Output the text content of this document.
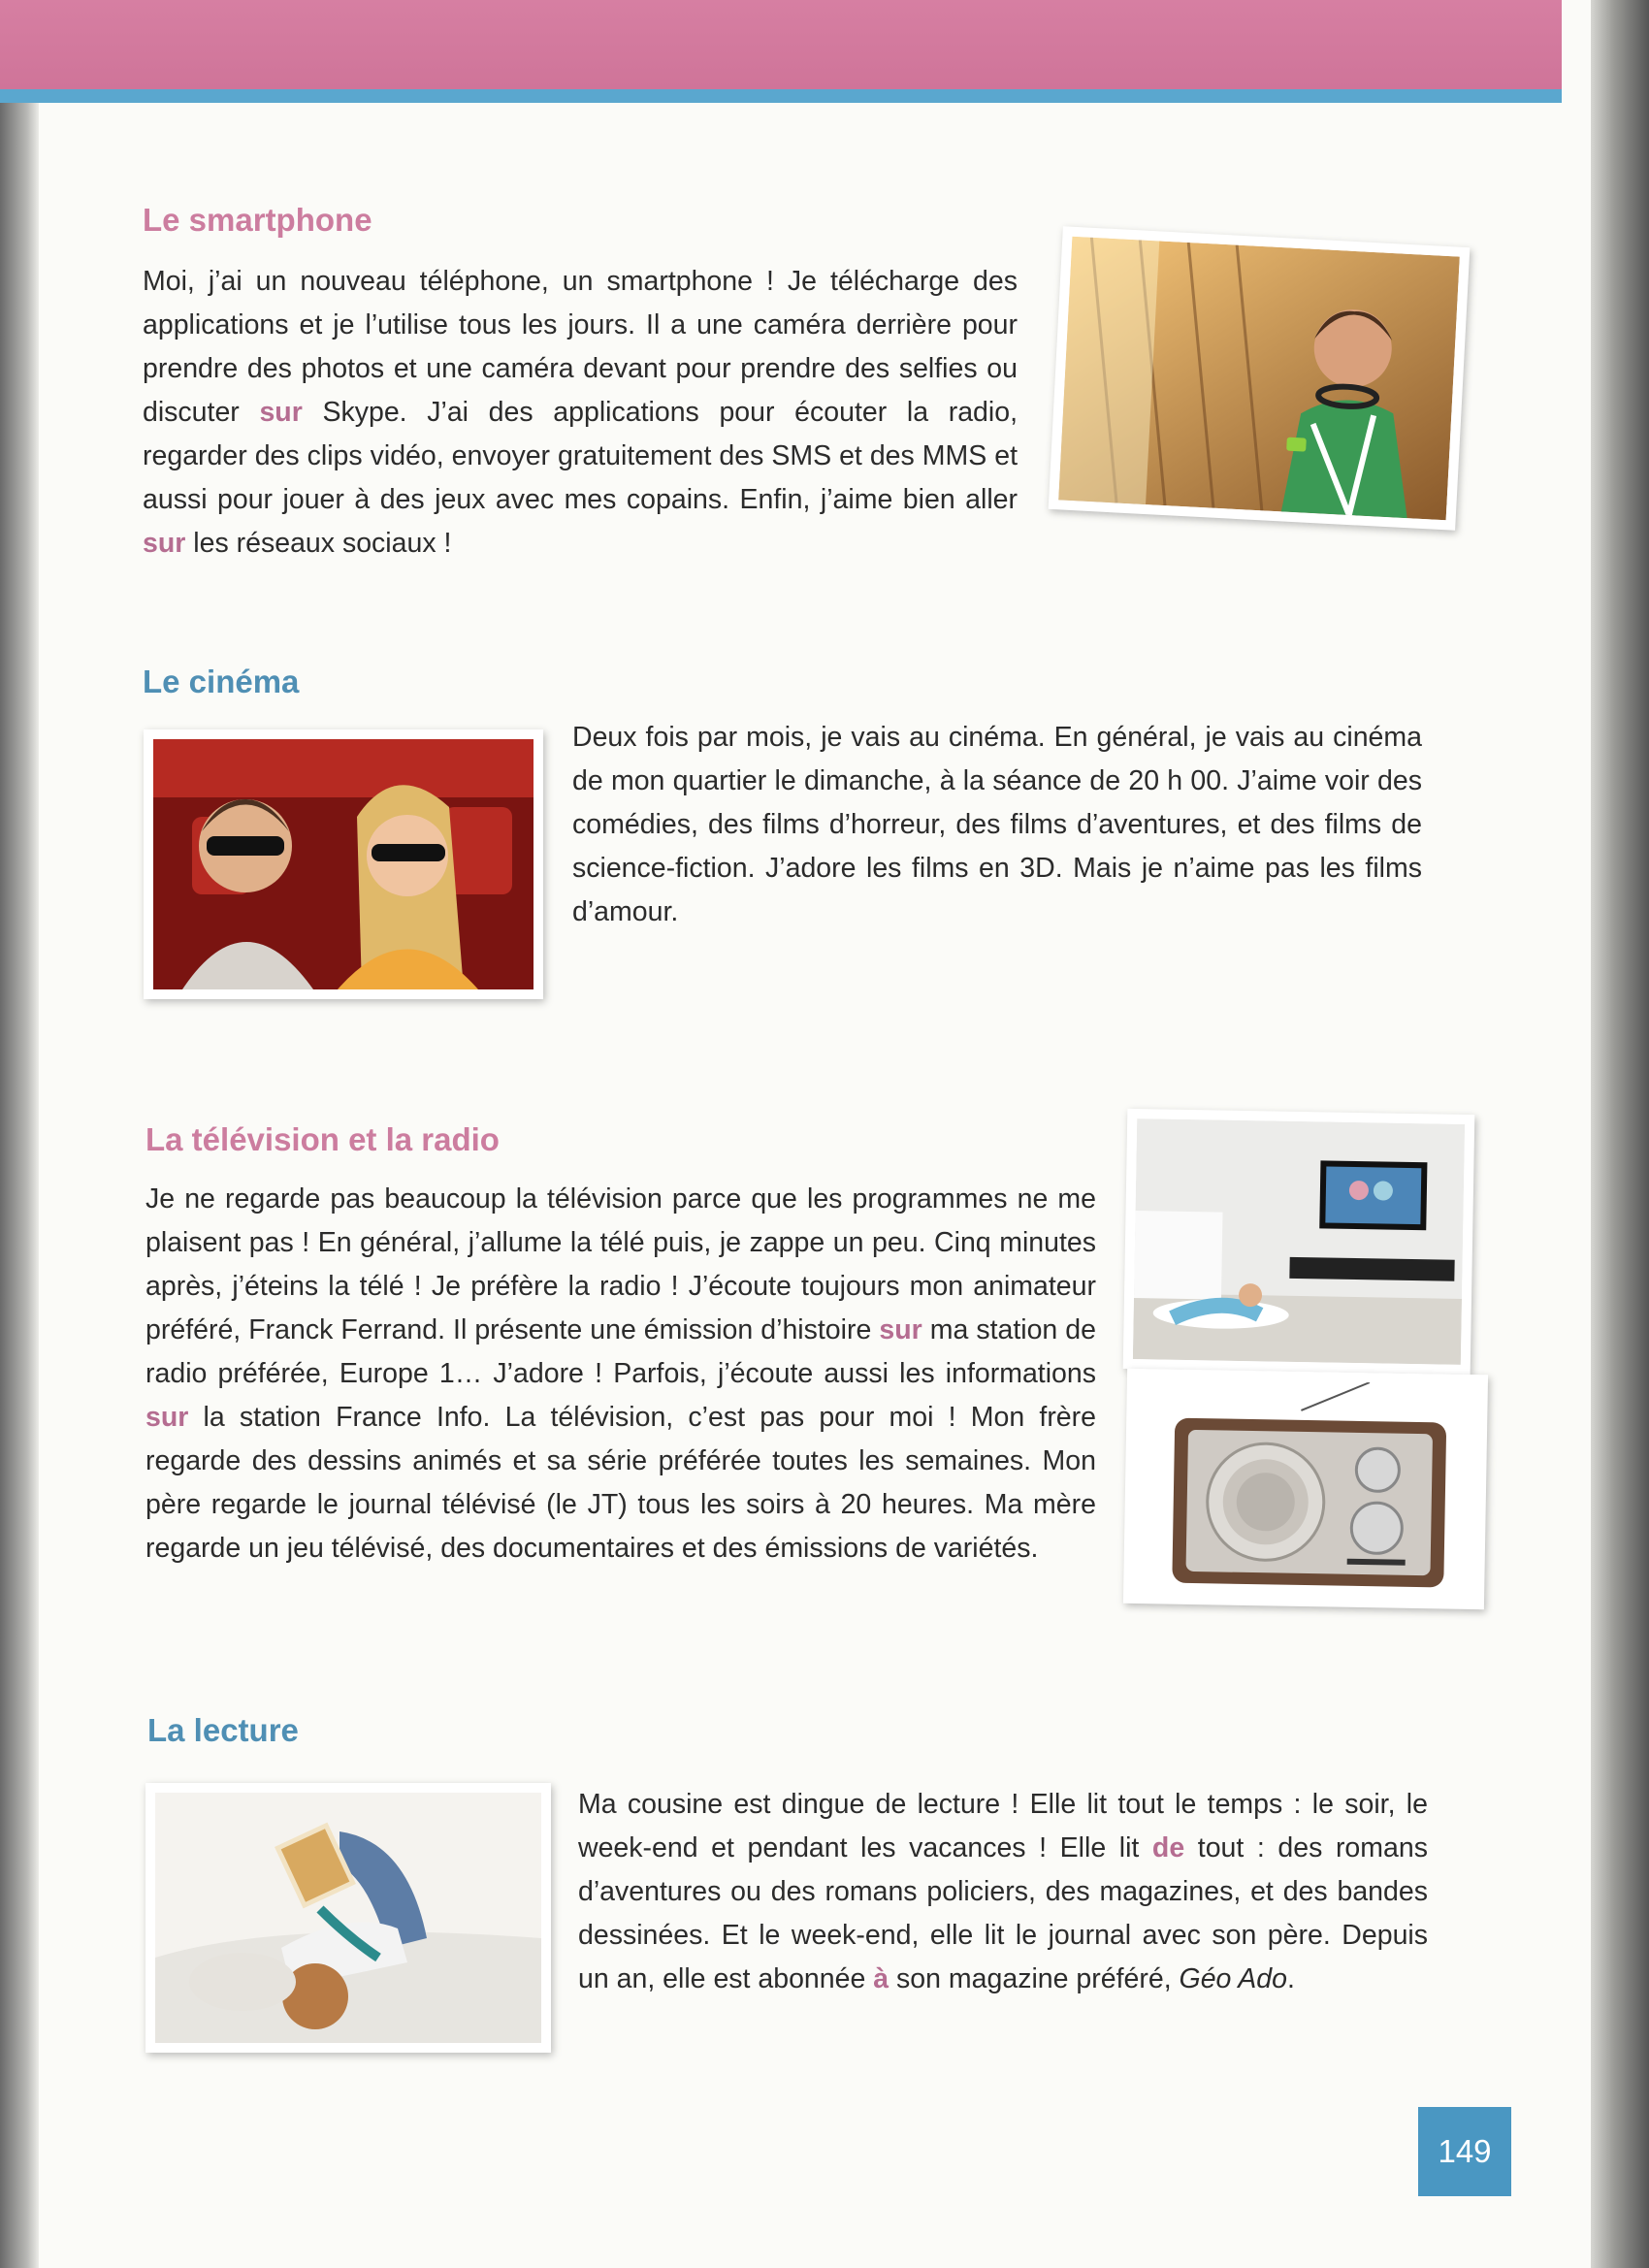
Le smartphone

Moi, j’ai un nouveau téléphone, un smartphone ! Je télécharge des applications et je l’utilise tous les jours. Il a une caméra derrière pour prendre des photos et une caméra devant pour prendre des selfies ou discuter sur Skype. J’ai des applications pour écouter la radio, regarder des clips vidéo, envoyer gratuitement des SMS et des MMS et aussi pour jouer à des jeux avec mes copains. Enfin, j’aime bien aller sur les réseaux sociaux !

Le cinéma

Deux fois par mois, je vais au cinéma. En général, je vais au cinéma de mon quartier le dimanche, à la séance de 20 h 00. J’aime voir des comédies, des films d’horreur, des films d’aventures, et des films de science-fiction. J’adore les films en 3D. Mais je n’aime pas les films d’amour.

La télévision et la radio

Je ne regarde pas beaucoup la télévision parce que les programmes ne me plaisent pas ! En général, j’allume la télé puis, je zappe un peu. Cinq minutes après, j’éteins la télé ! Je préfère la radio ! J’écoute toujours mon animateur préféré, Franck Ferrand. Il présente une émission d’histoire sur ma station de radio préférée, Europe 1… J’adore ! Parfois, j’écoute aussi les informations sur la station France Info. La télévision, c’est pas pour moi ! Mon frère regarde des dessins animés et sa série préférée toutes les semaines. Mon père regarde le journal télévisé (le JT) tous les soirs à 20 heures. Ma mère regarde un jeu télévisé, des documentaires et des émissions de variétés.

La lecture

Ma cousine est dingue de lecture ! Elle lit tout le temps : le soir, le week-end et pendant les vacances ! Elle lit de tout : des romans d’aventures ou des romans policiers, des magazines, et des bandes dessinées. Et le week-end, elle lit le journal avec son père. Depuis un an, elle est abonnée à son magazine préféré, Géo Ado.

149
